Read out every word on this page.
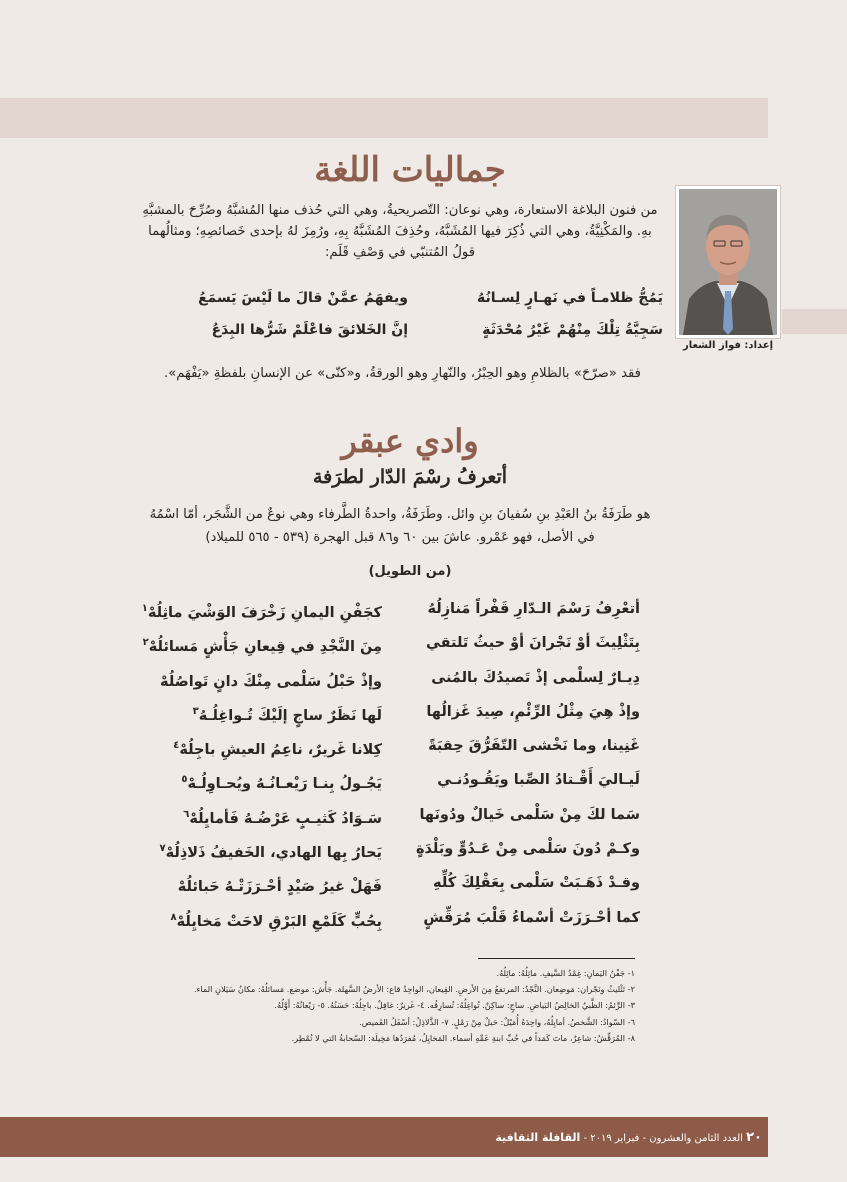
جماليات اللغة
إعداد: فواز الشعار
من فنون البلاغة الاستعارة، وهي نوعان: التّصريحيةُ، وهي التي حُذف منها المُشبَّهُ وصُرِّحَ بالمشبَّهِ بهِ. والمَكْنِيَّةُ، وهي التي ذُكِرَ فيها المُشَبَّهُ، وحُذِفَ المُشَبَّهُ بِهِ، ورُمِزَ لهُ بإحدى خَصائصِهِ؛ ومثالُهما قولُ المُتنبّي في وَصْفِ قَلَم:
يَمُجُّ ظلامـاً في نَهـارٍ لِسـانُهُ
ويفهَمُ عمَّنْ قالَ ما لَيْسَ يَسمَعُ
سَجِيَّةُ تِلْكَ مِنْهُمْ غَيْرُ مُحْدَثَةٍ
إنَّ الخَلائقَ فاعْلَمْ شَرُّها البِدَعُ
فقد «صرّحَ» بالظلامِ وهو الحِبْرُ، والنّهارِ وهو الورقةُ، و«كنّى» عن الإنسانِ بلفظةِ «يَفْهَم».
وادي عبقر
أتعرفُ رسْمَ الدّار لطرَفة
هو طَرَفَةُ بنُ العَبْدِ بنِ سُفيانَ بنِ وائل. وطَرَفَةُ، واحدةُ الطَّرفاء وهي نوعٌ من الشَّجَر، أمّا اسْمُهُ في الأصل، فهو عَمْرو. عاشَ بين ٦٠ و٨٦ قبل الهجرة (٥٣٩ - ٥٦٥ للميلاد)
(من الطويل)
أتعْرِفُ رَسْمَ الـدّارِ قَفْراً مَنازِلُهُ
كجَفْنِ اليمانِ زَخْرَفَ الوَشْيَ ماثِلُهْ$^١$
بِتَثْلِيثَ أوْ نَجْرانَ أوْ حيثُ تَلتقي
مِنَ النَّجْدِ في قِيعانِ جَأْشٍ مَسائلُهْ$^٢$
دِيـارٌ لِسلْمى إذْ تَصيدُكَ بالمُنى
وإذْ حَبْلُ سَلْمى مِنْكَ دانٍ تَواصُلُهْ
وإذْ هِيَ مِثْلُ الرِّئْمِ، صِيدَ غَزالُها
لَها نَظَرٌ ساجٍ إلَيْكَ تُـواغِلُـهُ$^٣$
غَنِينا، وما نَخْشى التّفَرُّقَ حِقبَةً
كِلانا غَريرٌ، ناعِمُ العيشِ باجِلُهْ$^٤$
لَيـاليَ أَقْـتادُ الصِّبا ويَقُـودُنـي
يَجُـولُ بِنـا رَيْعـانُـهُ ويُحـاوِلُـهْ$^٥$
سَما لكَ مِنْ سَلْمى خَيالٌ ودُونَها
سَـوَادُ كَثيـبٍ عَرْضُـهُ فَأمايِلُهْ$^٦$
وكـمْ دُونَ سَلْمى مِنْ عَـدُوٍّ وبَلْدَةٍ
يَحارُ بِها الهادي، الخَفيفُ ذَلاذِلُهْ$^٧$
وقـدْ ذَهَـبَتْ سَلْمى بِعَقْلِكَ كُلِّهِ
فَهَلْ غيرُ صَيْدٍ أحْـرَزَتْـهُ حَبائلُهْ
كما أحْـرَزَتْ أسْماءُ قَلْبَ مُرَقِّشٍ
بِحُبٍّ كَلَمْعِ البَرْقِ لاحَتْ مَخايِلُهْ$^٨$
١- جَفْنُ اليَمانِ: غِمْدُ السَّيفِ. ماثِلُهُ: مائِلُهُ.
٢- تَثْليثُ ونَجْران: مَوضِعان. النَّجْدُ: المرتفعُ مِنَ الأرضِ. القِيعان، الواحِدُ قاع: الأرضُ السَّهلة. جَأْش: موضع. مَسائلُهُ: مكانُ سَيَلانِ الماء.
٣- الرِّئمُ: الظَّبيُ الخالِصُ البَياضِ. ساجٍ: ساكِنٌ. تُواغِلُهُ: تُسارِقُه. ٤- غَريرٌ: غافِلٌ. باجِلُهُ: حَسَنُهُ. ٥- رَيْعانُهُ: أَوَّلُهُ.
٦- السّوادُ: الشَّخصُ. أمايِلُهُ، واحِدَهُ أُمَيْلٌ: حَبلٌ مِنْ رَمْلٍ. ٧- الذَّلاذِلُ: أسْفَلُ القَميص.
٨- المُرَقِّشُ: شاعِرٌ، ماتَ كَمَداً في حُبِّ ابنةِ عَمِّهِ أسماء. المَخايِلُ، مُفرَدُها مَخِيلَة: السّحابةُ التي لا تُمْطِر.
٢٠ العدد الثامن والعشرون - فبراير ٢٠١٩ - القافلة الثقافية
